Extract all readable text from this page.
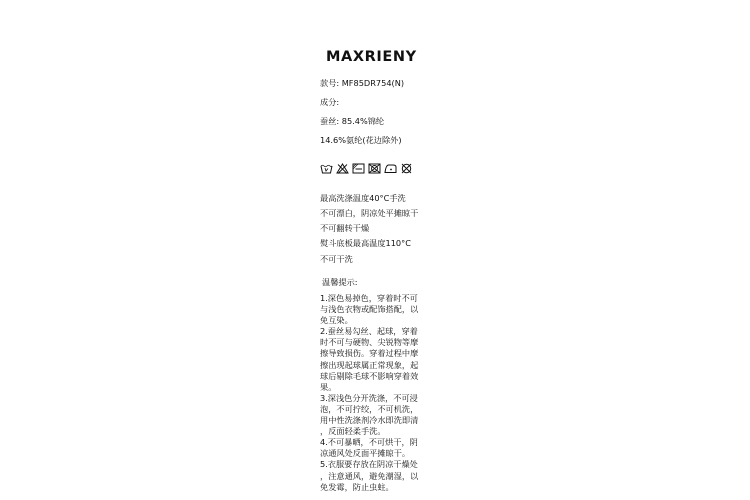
MAXRIENY
款号: MF85DR754(N)
成分:
蚕丝: 85.4%锦纶
14.6%氨纶(花边除外)
最高洗涤温度40°C手洗
不可漂白，阴凉处平摊晾干
不可翻转干燥
熨斗底板最高温度110°C
不可干洗
温馨提示:
1.深色易掉色，穿着时不可
与浅色衣物或配饰搭配，以
免互染。
2.蚕丝易勾丝、起球，穿着
时不可与硬物、尖锐物等摩
擦导致损伤。穿着过程中摩
擦出现起球属正常现象，起
球后剔除毛球不影响穿着效
果。
3.深浅色分开洗涤，不可浸
泡，不可拧绞，不可机洗，
用中性洗涤剂冷水即洗即清
，反面轻柔手洗。
4.不可暴晒，不可烘干，阴
凉通风处反面平摊晾干。
5.衣服要存放在阴凉干燥处
，注意通风，避免潮湿，以
免发霉，防止虫蛀。
